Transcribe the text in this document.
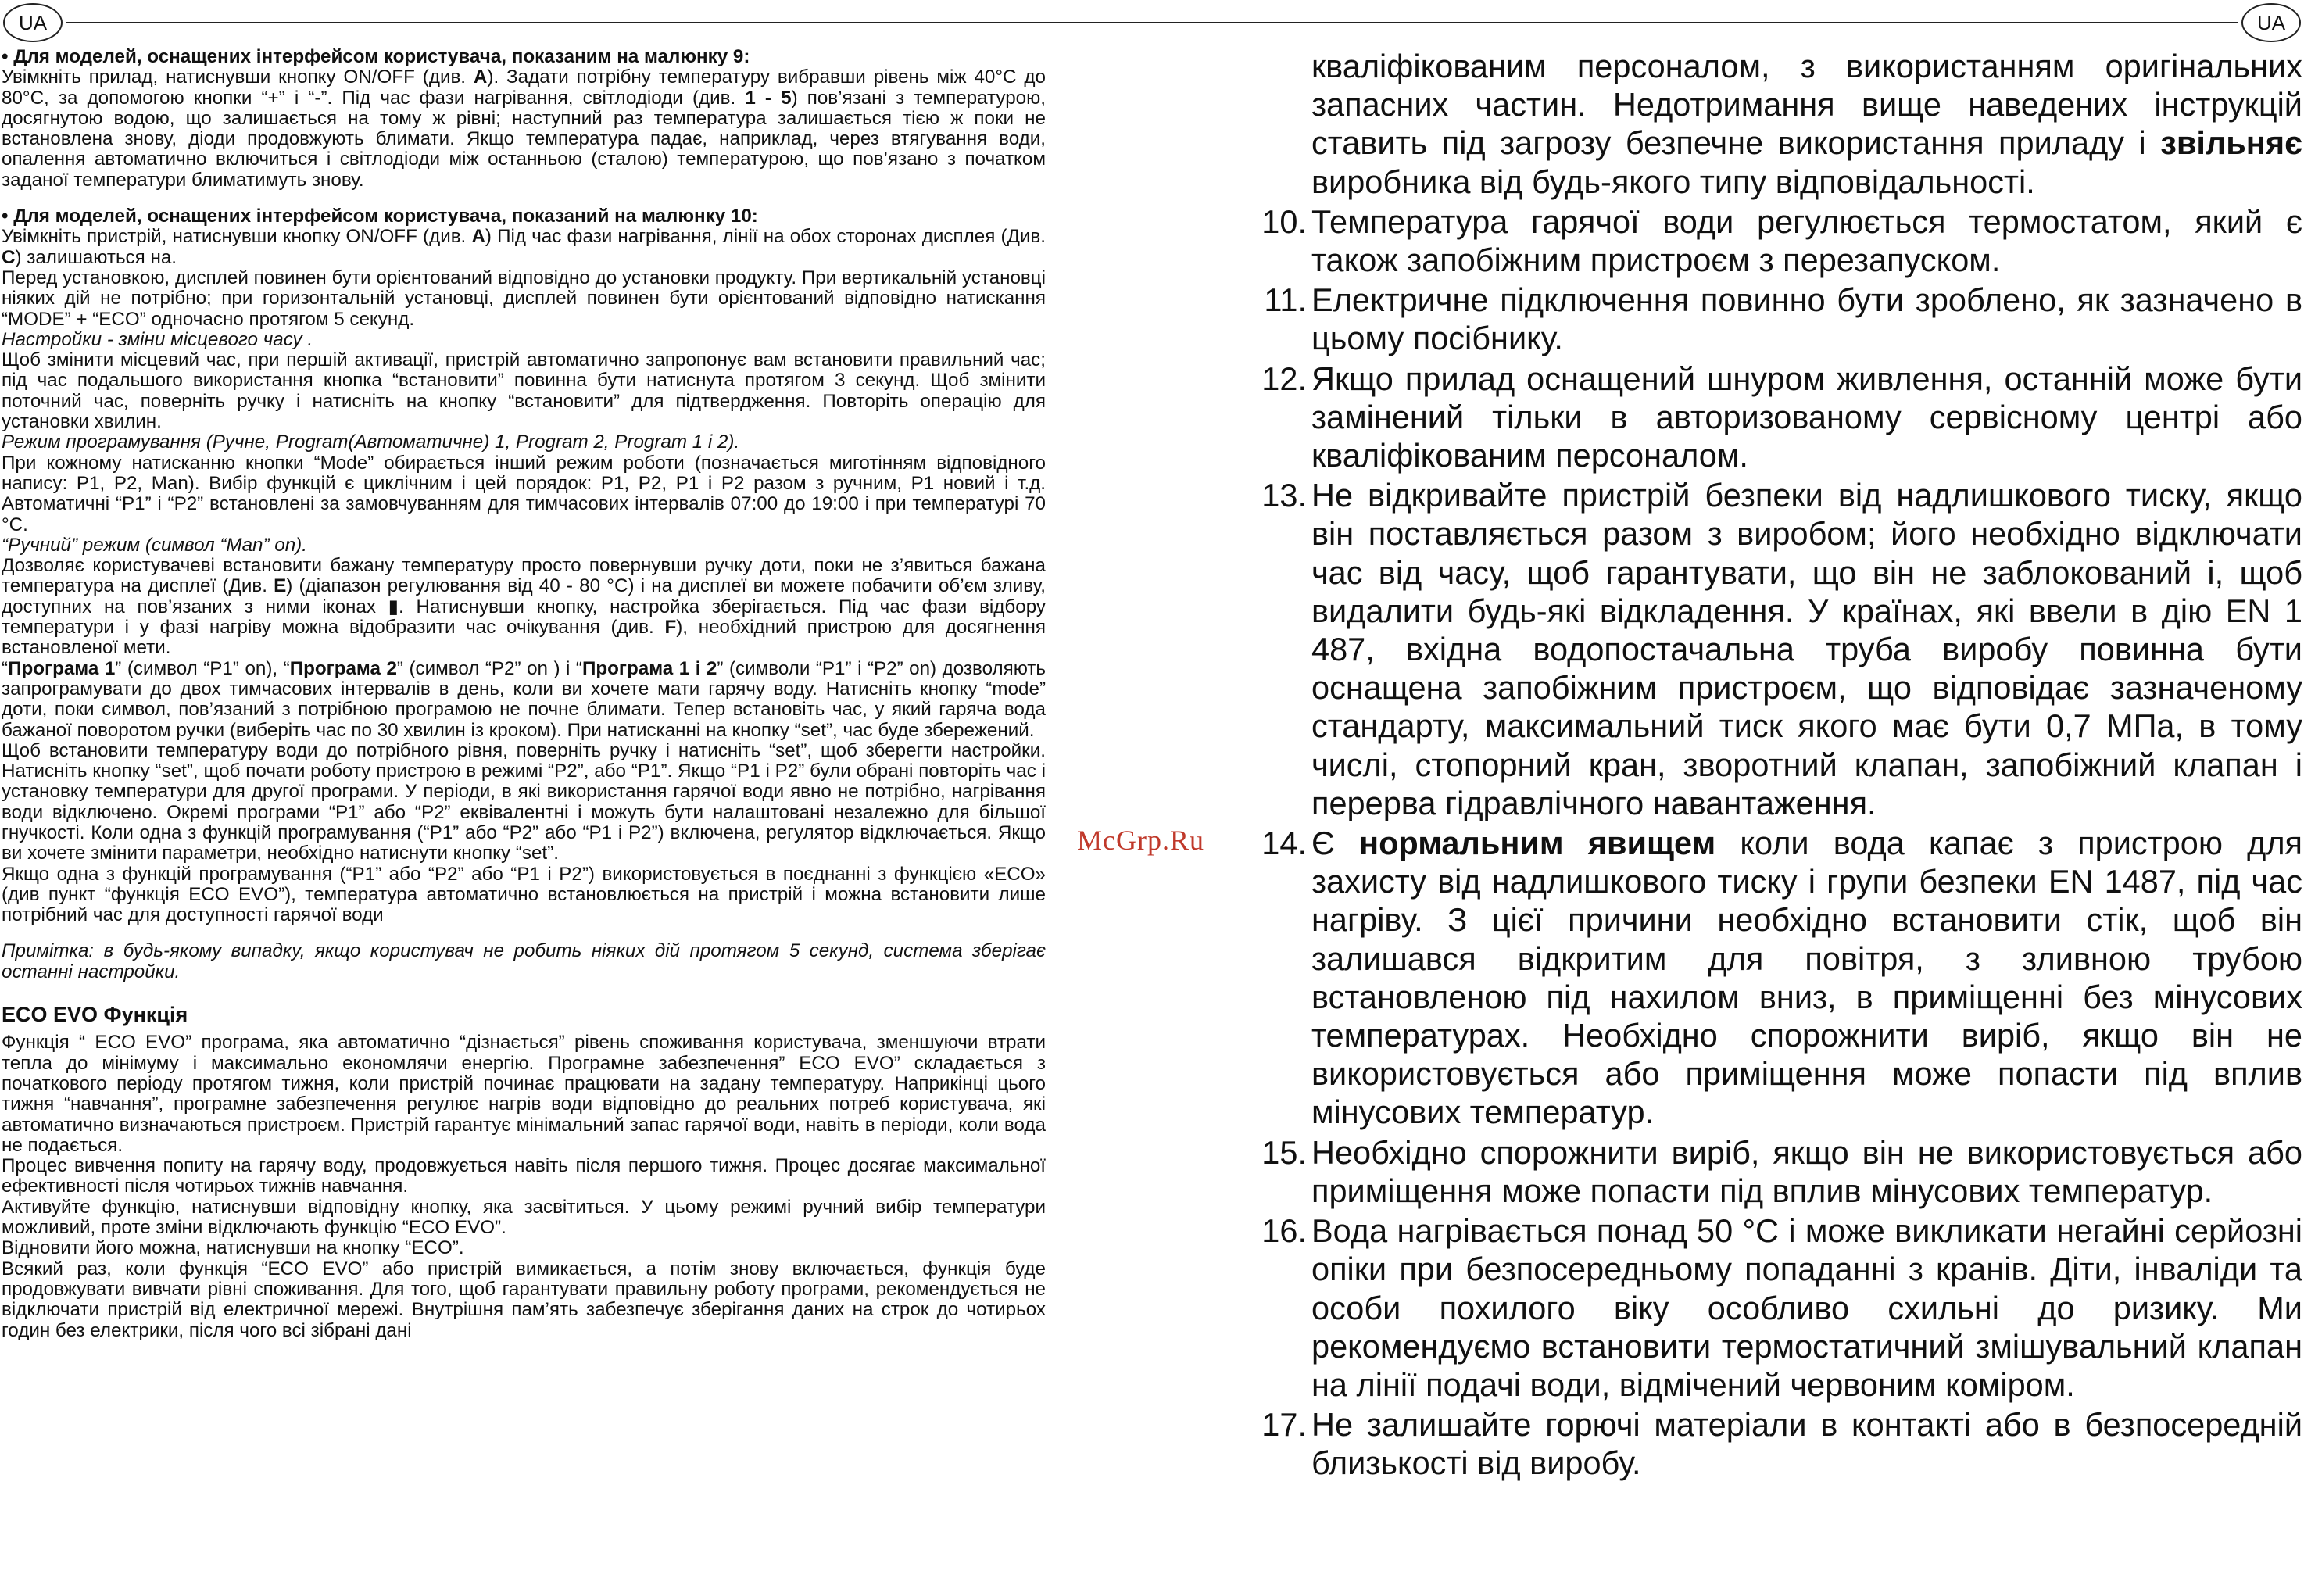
UA	UA

• Для моделей, оснащених інтерфейсом користувача, показаним на малюнку 9:

Увімкніть прилад, натиснувши кнопку ON/OFF (див. A). Задати потрібну температуру вибравши рівень між 40°C до 80°C, за допомогою кнопки “+” і “-”. Під час фази нагрівання, світлодіоди (див. 1 - 5) пов’язані з температурою, досягнутою водою, що залишається на тому ж рівні; наступний раз температура залишається тією ж поки не встановлена знову, діоди продовжують блимати. Якщо температура падає, наприклад, через втягування води, опалення автоматично включиться і світлодіоди між останньою (сталою) температурою, що пов’язано з початком заданої температури блиматимуть знову.

• Для моделей, оснащених інтерфейсом користувача, показаний на малюнку 10:

Увімкніть пристрій, натиснувши кнопку ON/OFF (див. A) Під час фази нагрівання, лінії на обох сторонах дисплея (Див. C) залишаються на.

Перед установкою, дисплей повинен бути орієнтований відповідно до установки продукту. При вертикальній установці ніяких дій не потрібно; при горизонтальній установці, дисплей повинен бути орієнтований відповідно натискання “MODE” + “ECO” одночасно протягом 5 секунд.

Настройки - зміни місцевого часу .

Щоб змінити місцевий час, при першій активації, пристрій автоматично запропонує вам встановити правильний час; під час подальшого використання кнопка “встановити” повинна бути натиснута протягом 3 секунд. Щоб змінити поточний час, поверніть ручку і натисніть на кнопку “встановити” для підтвердження. Повторіть операцію для установки хвилин.

Режим програмування (Ручне, Program(Автоматичне) 1, Program 2, Program 1 і 2).

При кожному натисканню кнопки “Mode” обирається інший режим роботи (позначається миготінням відповідного напису: P1, P2, Man). Вибір функцій є циклічним і цей порядок: P1, P2, P1 і P2 разом з ручним, P1 новий і т.д. Автоматичні “P1” і “P2” встановлені за замовчуванням для тимчасових інтервалів 07:00 до 19:00 і при температурі 70 °C.

“Ручний” режим (символ “Man” on).

Дозволяє користувачеві встановити бажану температуру просто повернувши ручку доти, поки не з’явиться бажана температура на дисплеї (Див. E) (діапазон регулювання від 40 - 80 °C) і на дисплеї ви можете побачити об’єм зливу, доступних на пов’язаних з ними іконах ▮. Натиснувши кнопку, настройка зберігається. Під час фази відбору температури і у фазі нагріву можна відобразити час очікування (див. F), необхідний пристрою для досягнення встановленої мети.

“Програма 1” (символ “P1” on), “Програма 2” (символ “P2” on ) і “Програма 1 і 2” (символи “P1” і “P2” on) дозволяють запрограмувати до двох тимчасових інтервалів в день, коли ви хочете мати гарячу воду. Натисніть кнопку “mode” доти, поки символ, пов’язаний з потрібною програмою не почне блимати. Тепер встановіть час, у який гаряча вода бажаної поворотом ручки (виберіть час по 30 хвилин із кроком). При натисканні на кнопку “set”, час буде збережений.

Щоб встановити температуру води до потрібного рівня, поверніть ручку і натисніть “set”, щоб зберегти настройки. Натисніть кнопку “set”, щоб почати роботу пристрою в режимі “P2”, або “P1”. Якщо “P1 і P2” були обрані повторіть час і установку температури для другої програми. У періоди, в які використання гарячої води явно не потрібно, нагрівання води відключено. Окремі програми “P1” або “P2” еквівалентні і можуть бути налаштовані незалежно для більшої гнучкості. Коли одна з функцій програмування (“P1” або “P2” або “P1 і P2”) включена, регулятор відключається. Якщо ви хочете змінити параметри, необхідно натиснути кнопку “set”.

Якщо одна з функцій програмування (“P1” або “P2” або “P1 і P2”) використовується в поєднанні з функцією «ECO» (див пункт “функція ECO EVO”), температура автоматично встановлюється на пристрій і можна встановити лише потрібний час для доступності гарячої води

Примітка: в будь-якому випадку, якщо користувач не робить ніяких дій протягом 5 секунд, система зберігає останні настройки.

ECO EVO Функція

Функція “ ECO EVO” програма, яка автоматично “дізнається” рівень споживання користувача, зменшуючи втрати тепла до мінімуму і максимально економлячи енергію. Програмне забезпечення” ECO EVO” складається з початкового періоду протягом тижня, коли пристрій починає працювати на задану температуру. Наприкінці цього тижня “навчання”, програмне забезпечення регулює нагрів води відповідно до реальних потреб користувача, які автоматично визначаються пристроєм. Пристрій гарантує мінімальний запас гарячої води, навіть в періоди, коли вода не подається.

Процес вивчення попиту на гарячу воду, продовжується навіть після першого тижня. Процес досягає максимальної ефективності після чотирьох тижнів навчання.

Активуйте функцію, натиснувши відповідну кнопку, яка засвітиться. У цьому режимі ручний вибір температури можливий, проте зміни відключають функцію “ECO EVO”.

Відновити його можна, натиснувши на кнопку “ECO”.

Всякий раз, коли функція “ECO EVO” або пристрій вимикається, а потім знову включається, функція буде продовжувати вивчати рівні споживання. Для того, щоб гарантувати правильну роботу програми, рекомендується не відключати пристрій від електричної мережі. Внутрішня пам’ять забезпечує зберігання даних на строк до чотирьох годин без електрики, після чого всі зібрані дані

McGrp.Ru

кваліфікованим персоналом, з використанням оригінальних запасних частин. Недотримання вище наведених інструкцій ставить під загрозу безпечне використання приладу і звільняє виробника від будь-якого типу відповідальності.

10. Температура гарячої води регулюється термостатом, який є також запобіжним пристроєм з перезапуском.
11. Електричне підключення повинно бути зроблено, як зазначено в цьому посібнику.
12. Якщо прилад оснащений шнуром живлення, останній може бути замінений тільки в авторизованому сервісному центрі або кваліфікованим персоналом.
13. Не відкривайте пристрій безпеки від надлишкового тиску, якщо він поставляється разом з виробом; його необхідно відключати час від часу, щоб гарантувати, що він не заблокований і, щоб видалити будь-які відкладення. У країнах, які ввели в дію EN 1 487, вхідна водопостачальна труба виробу повинна бути оснащена запобіжним пристроєм, що відповідає зазначеному стандарту, максимальний тиск якого має бути 0,7 МПа, в тому числі, стопорний кран, зворотний клапан, запобіжний клапан і перерва гідравлічного навантаження.
14. Є нормальним явищем коли вода капає з пристрою для захисту від надлишкового тиску і групи безпеки EN 1487, під час нагріву. З цієї причини необхідно встановити стік, щоб він залишався відкритим для повітря, з зливною трубою встановленою під нахилом вниз, в приміщенні без мінусових температурах. Необхідно спорожнити виріб, якщо він не використовується або приміщення може попасти під вплив мінусових температур.
15. Необхідно спорожнити виріб, якщо він не використовується або приміщення може попасти під вплив мінусових температур.
16. Вода нагрівається понад 50 °C і може викликати негайні серйозні опіки при безпосередньому попаданні з кранів. Діти, інваліди та особи похилого віку особливо схильні до ризику. Ми рекомендуємо встановити термостатичний змішувальний клапан на лінії подачі води, відмічений червоним коміром.
17. Не залишайте горючі матеріали в контакті або в безпосередній близькості від виробу.
